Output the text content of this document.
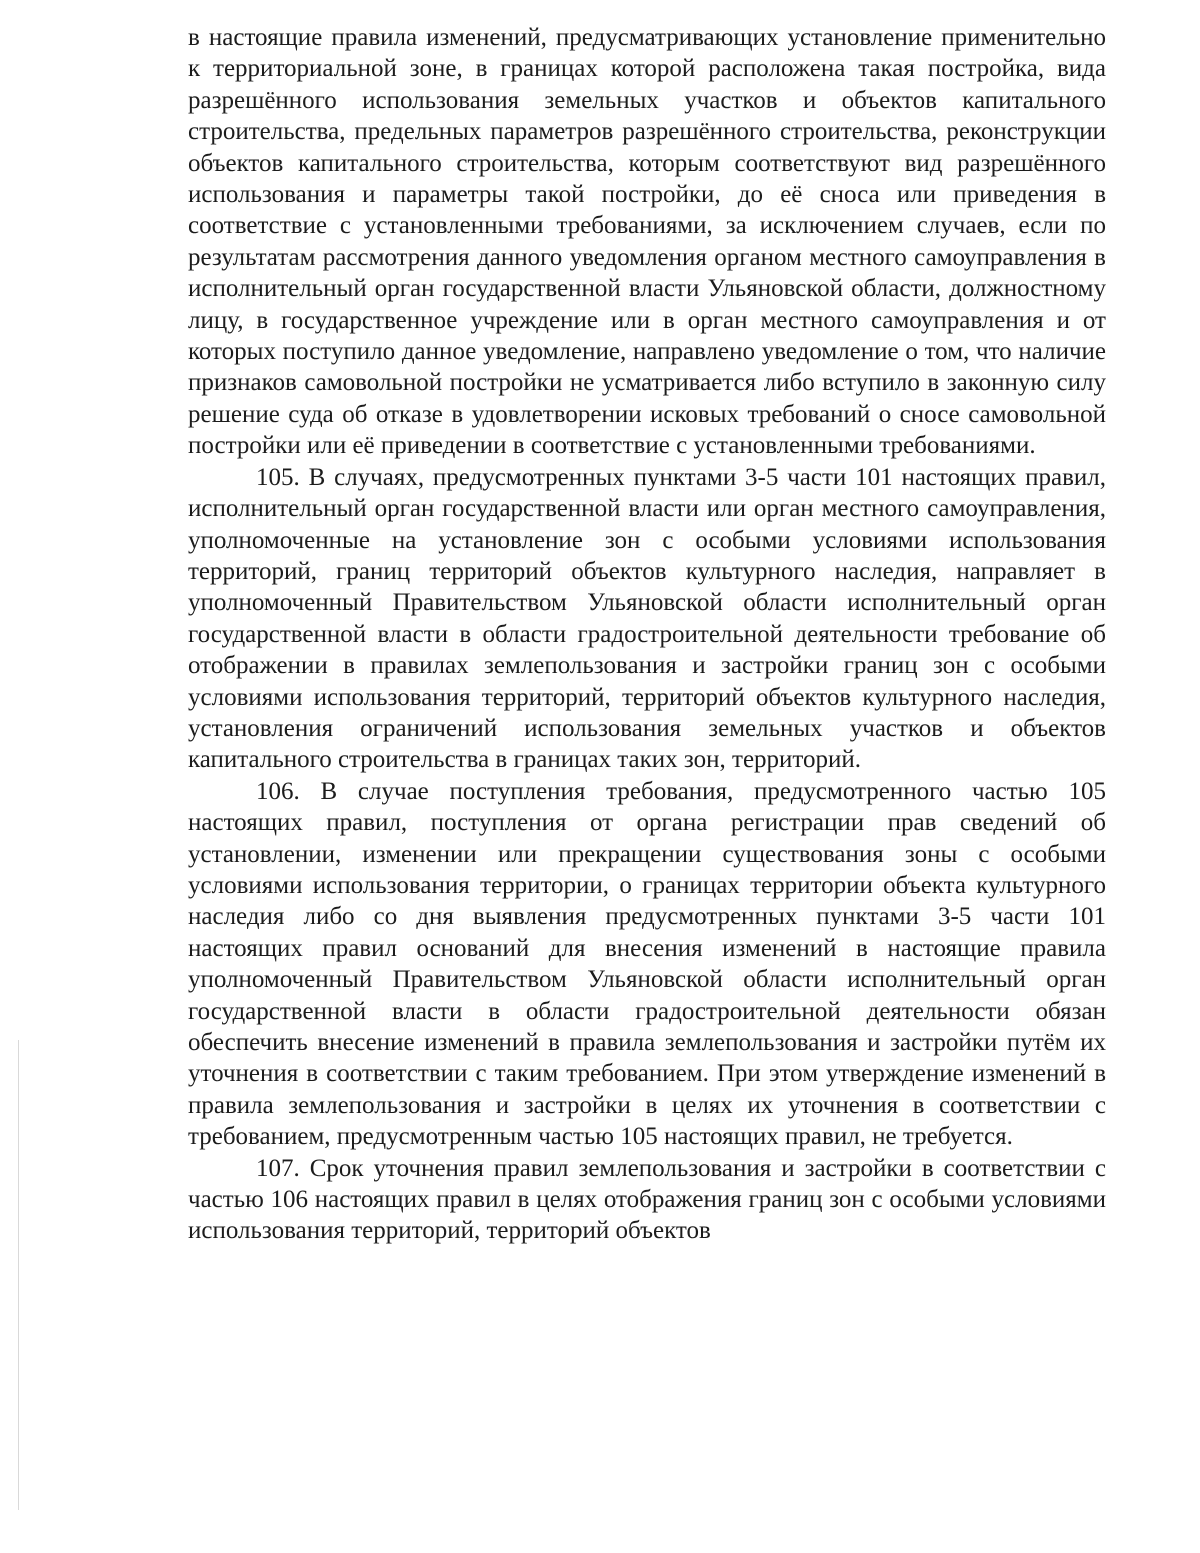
в настоящие правила изменений, предусматривающих установление применительно к территориальной зоне, в границах которой расположена такая постройка, вида разрешённого использования земельных участков и объектов капитального строительства, предельных параметров разрешённого строительства, реконструкции объектов капитального строительства, которым соответствуют вид разрешённого использования и параметры такой постройки, до её сноса или приведения в соответствие с установленными требованиями, за исключением случаев, если по результатам рассмотрения данного уведомления органом местного самоуправления в исполнительный орган государственной власти Ульяновской области, должностному лицу, в государственное учреждение или в орган местного самоуправления и от которых поступило данное уведомление, направлено уведомление о том, что наличие признаков самовольной постройки не усматривается либо вступило в законную силу решение суда об отказе в удовлетворении исковых требований о сносе самовольной постройки или её приведении в соответствие с установленными требованиями.

105. В случаях, предусмотренных пунктами 3-5 части 101 настоящих правил, исполнительный орган государственной власти или орган местного самоуправления, уполномоченные на установление зон с особыми условиями использования территорий, границ территорий объектов культурного наследия, направляет в уполномоченный Правительством Ульяновской области исполнительный орган государственной власти в области градостроительной деятельности требование об отображении в правилах землепользования и застройки границ зон с особыми условиями использования территорий, территорий объектов культурного наследия, установления ограничений использования земельных участков и объектов капитального строительства в границах таких зон, территорий.

106. В случае поступления требования, предусмотренного частью 105 настоящих правил, поступления от органа регистрации прав сведений об установлении, изменении или прекращении существования зоны с особыми условиями использования территории, о границах территории объекта культурного наследия либо со дня выявления предусмотренных пунктами 3-5 части 101 настоящих правил оснований для внесения изменений в настоящие правила уполномоченный Правительством Ульяновской области исполнительный орган государственной власти в области градостроительной деятельности обязан обеспечить внесение изменений в правила землепользования и застройки путём их уточнения в соответствии с таким требованием. При этом утверждение изменений в правила землепользования и застройки в целях их уточнения в соответствии с требованием, предусмотренным частью 105 настоящих правил, не требуется.

107. Срок уточнения правил землепользования и застройки в соответствии с частью 106 настоящих правил в целях отображения границ зон с особыми условиями использования территорий, территорий объектов
